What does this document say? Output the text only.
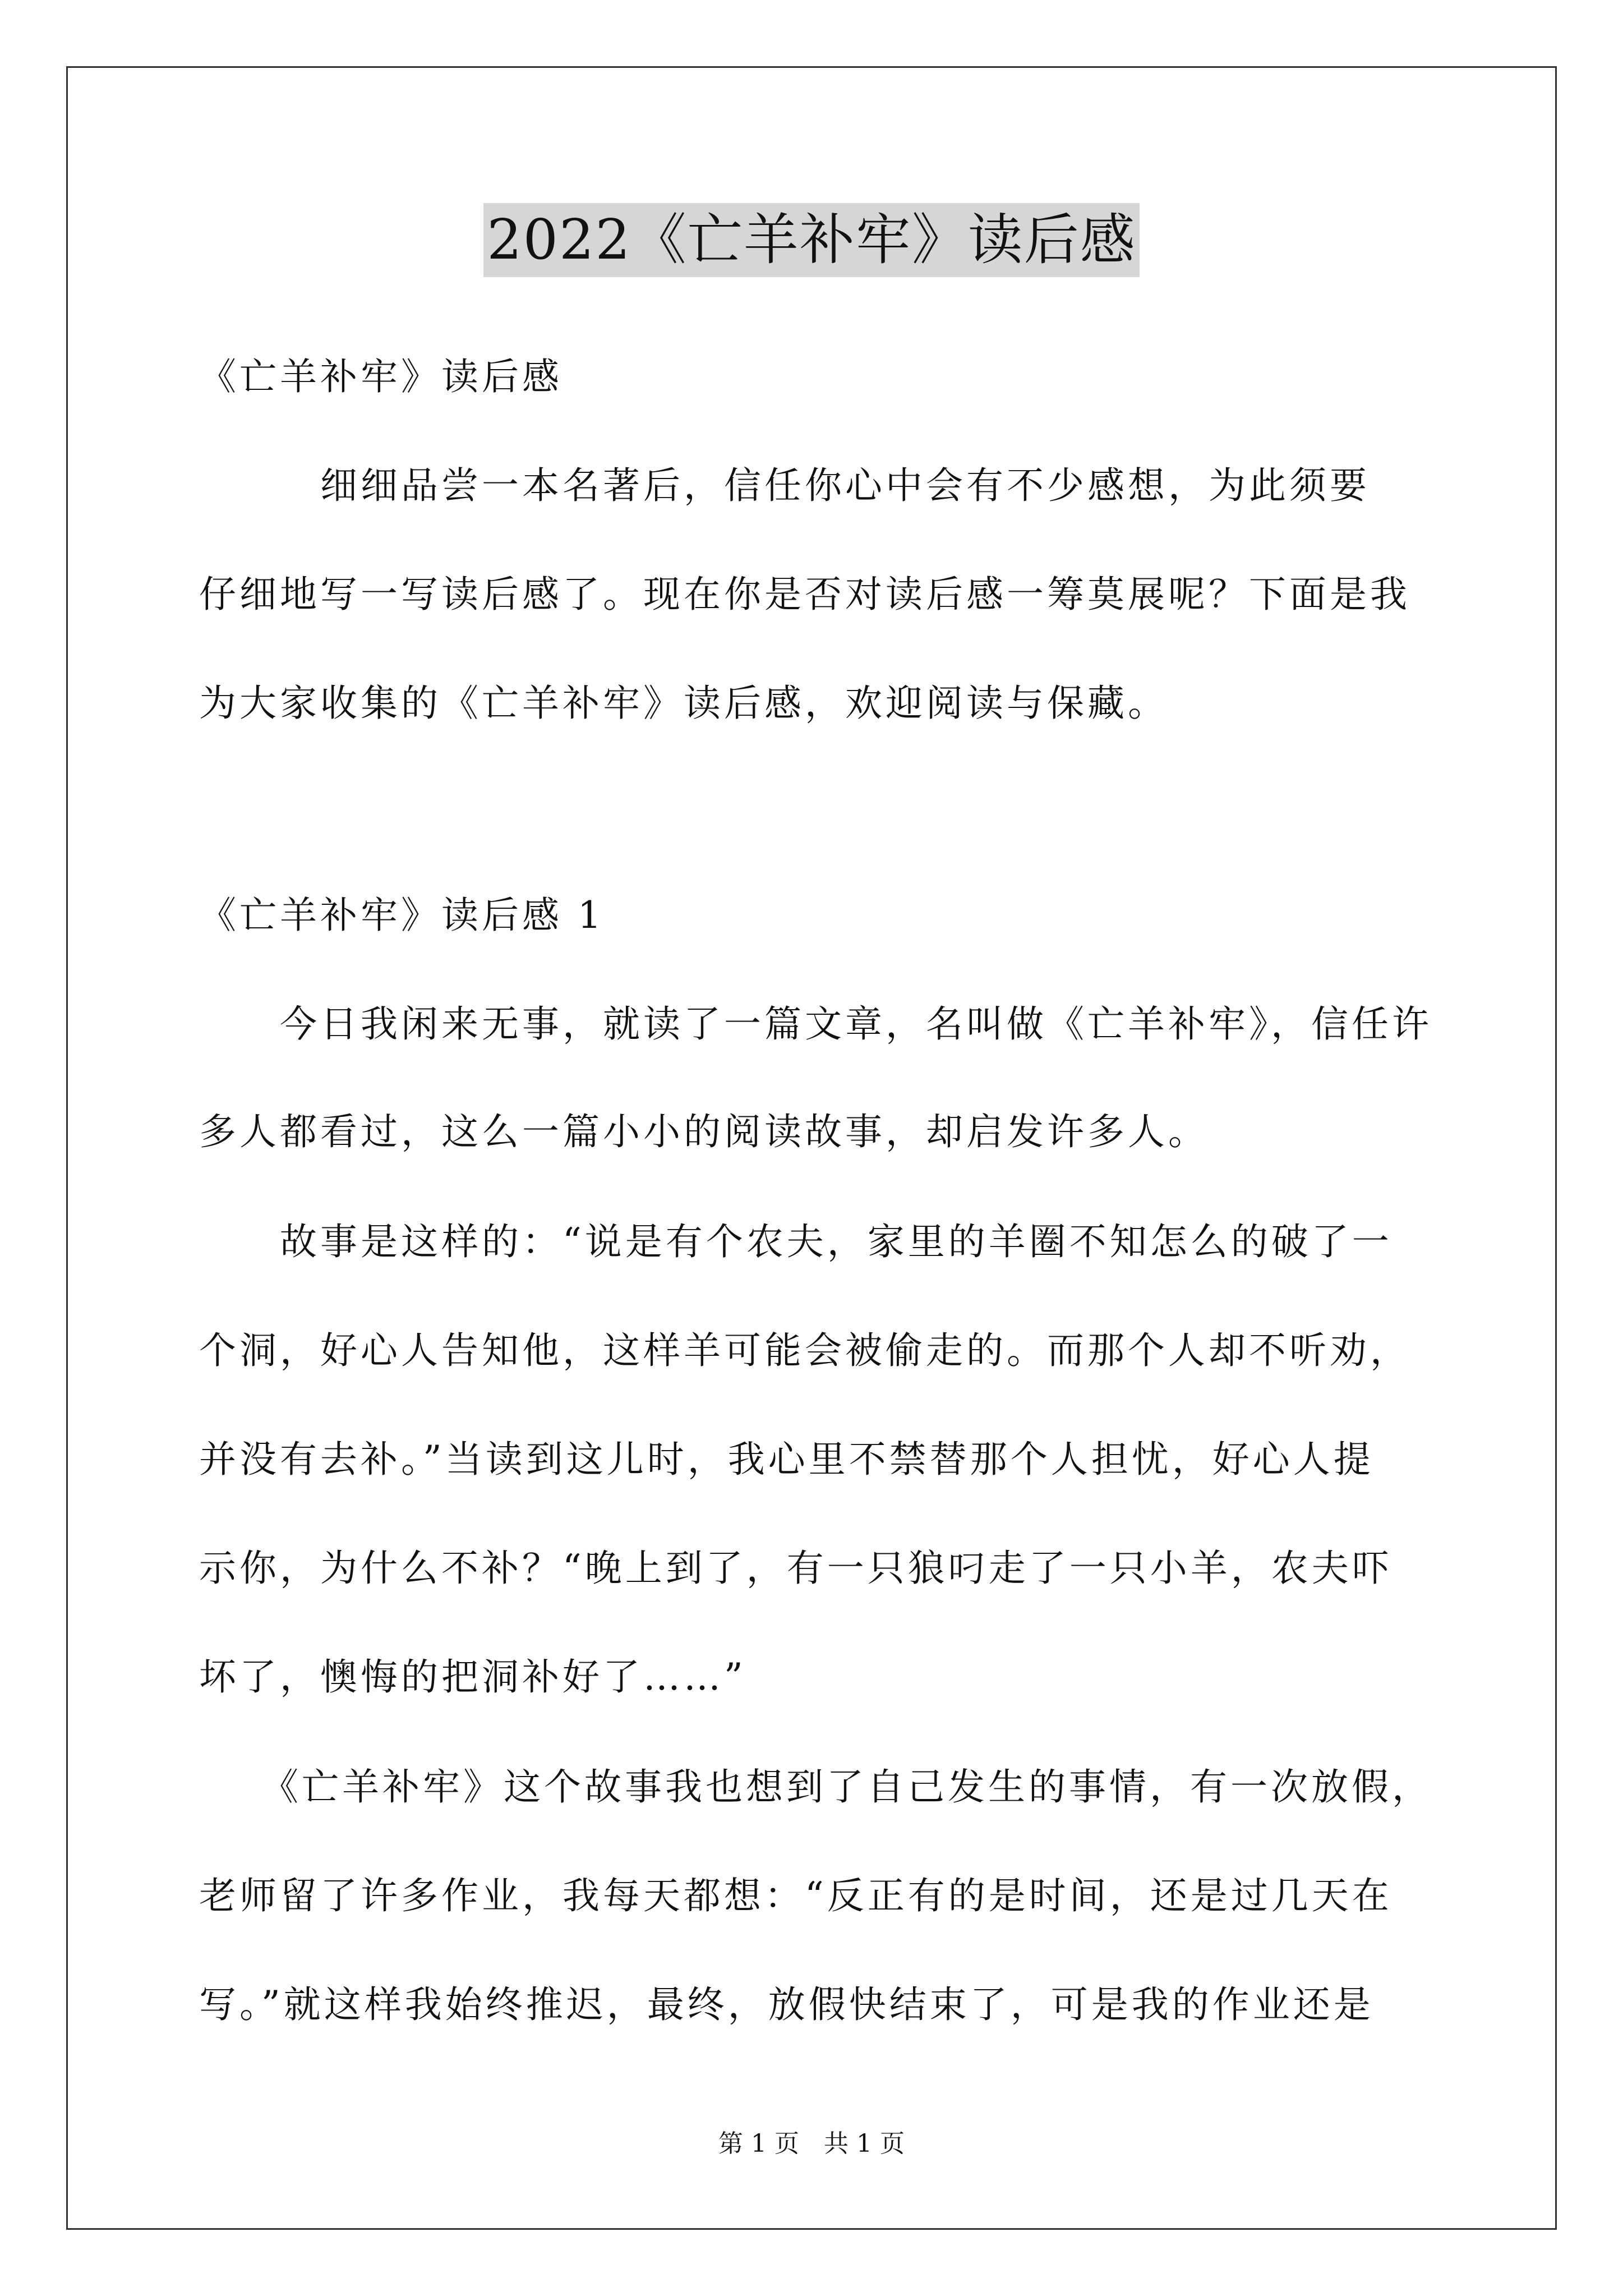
2022《亡羊补牢》读后感
《亡羊补牢》读后感
　　　细细品尝一本名著后，信任你心中会有不少感想，为此须要
仔细地写一写读后感了。现在你是否对读后感一筹莫展呢？下面是我
为大家收集的《亡羊补牢》读后感，欢迎阅读与保藏。
《亡羊补牢》读后感 1
　　今日我闲来无事，就读了一篇文章，名叫做《亡羊补牢》，信任许
多人都看过，这么一篇小小的阅读故事，却启发许多人。
　　故事是这样的：“说是有个农夫，家里的羊圈不知怎么的破了一
个洞，好心人告知他，这样羊可能会被偷走的。而那个人却不听劝，
并没有去补。”当读到这儿时，我心里不禁替那个人担忧，好心人提
示你，为什么不补？“晚上到了，有一只狼叼走了一只小羊，农夫吓
坏了，懊悔的把洞补好了……”
　　《亡羊补牢》这个故事我也想到了自己发生的事情，有一次放假，
老师留了许多作业，我每天都想：“反正有的是时间，还是过几天在
写。”就这样我始终推迟，最终，放假快结束了，可是我的作业还是
第 1 页　共 1 页
